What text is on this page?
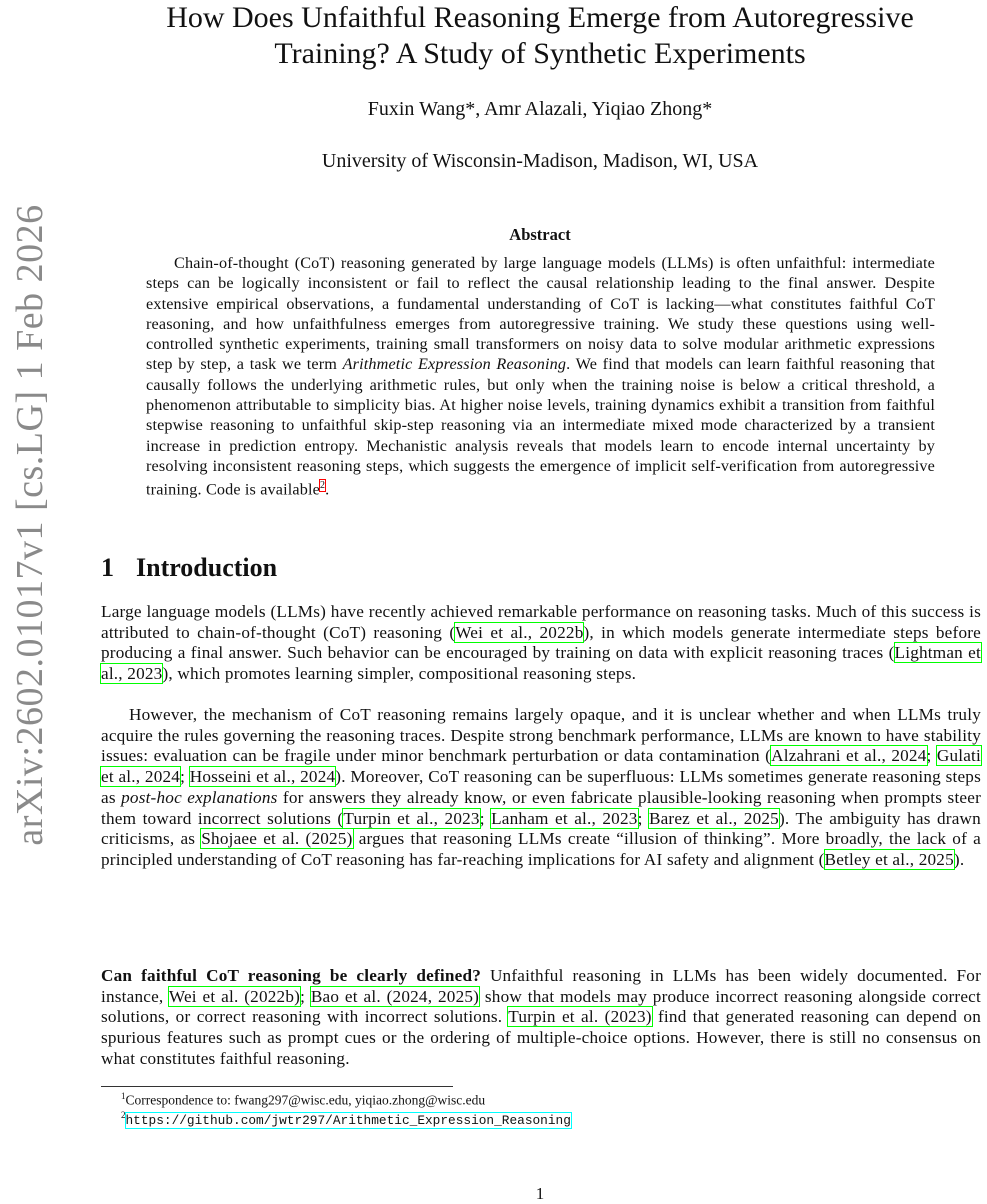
arXiv:2602.01017v1 [cs.LG] 1 Feb 2026
How Does Unfaithful Reasoning Emerge from Autoregressive
Training? A Study of Synthetic Experiments
Fuxin Wang*, Amr Alazali, Yiqiao Zhong*
University of Wisconsin-Madison, Madison, WI, USA
Abstract
Chain-of-thought (CoT) reasoning generated by large language models (LLMs) is often unfaithful: intermediate steps can be logically inconsistent or fail to reflect the causal relationship leading to the final answer. Despite extensive empirical observations, a fundamental understanding of CoT is lacking—what constitutes faithful CoT reasoning, and how unfaithfulness emerges from autoregressive training. We study these questions using well-controlled synthetic experiments, training small transformers on noisy data to solve modular arithmetic expressions step by step, a task we term Arithmetic Expression Reasoning. We find that models can learn faithful reasoning that causally follows the underlying arithmetic rules, but only when the training noise is below a critical threshold, a phenomenon attributable to simplicity bias. At higher noise levels, training dynamics exhibit a transition from faithful stepwise reasoning to unfaithful skip-step reasoning via an intermediate mixed mode characterized by a transient increase in prediction entropy. Mechanistic analysis reveals that models learn to encode internal uncertainty by resolving inconsistent reasoning steps, which suggests the emergence of implicit self-verification from autoregressive training. Code is available$^2$.
1 Introduction
Large language models (LLMs) have recently achieved remarkable performance on reasoning tasks. Much of this success is attributed to chain-of-thought (CoT) reasoning (Wei et al., 2022b), in which models generate intermediate steps before producing a final answer. Such behavior can be encouraged by training on data with explicit reasoning traces (Lightman et al., 2023), which promotes learning simpler, compositional reasoning steps.
However, the mechanism of CoT reasoning remains largely opaque, and it is unclear whether and when LLMs truly acquire the rules governing the reasoning traces. Despite strong benchmark performance, LLMs are known to have stability issues: evaluation can be fragile under minor benchmark perturbation or data contamination (Alzahrani et al., 2024; Gulati et al., 2024; Hosseini et al., 2024). Moreover, CoT reasoning can be superfluous: LLMs sometimes generate reasoning steps as post-hoc explanations for answers they already know, or even fabricate plausible-looking reasoning when prompts steer them toward incorrect solutions (Turpin et al., 2023; Lanham et al., 2023; Barez et al., 2025). The ambiguity has drawn criticisms, as Shojaee et al. (2025) argues that reasoning LLMs create “illusion of thinking”. More broadly, the lack of a principled understanding of CoT reasoning has far-reaching implications for AI safety and alignment (Betley et al., 2025).
Can faithful CoT reasoning be clearly defined? Unfaithful reasoning in LLMs has been widely documented. For instance, Wei et al. (2022b); Bao et al. (2024, 2025) show that models may produce incorrect reasoning alongside correct solutions, or correct reasoning with incorrect solutions. Turpin et al. (2023) find that generated reasoning can depend on spurious features such as prompt cues or the ordering of multiple-choice options. However, there is still no consensus on what constitutes faithful reasoning.
$^1$Correspondence to: fwang297@wisc.edu, yiqiao.zhong@wisc.edu
$^2$https://github.com/jwtr297/Arithmetic_Expression_Reasoning
1
